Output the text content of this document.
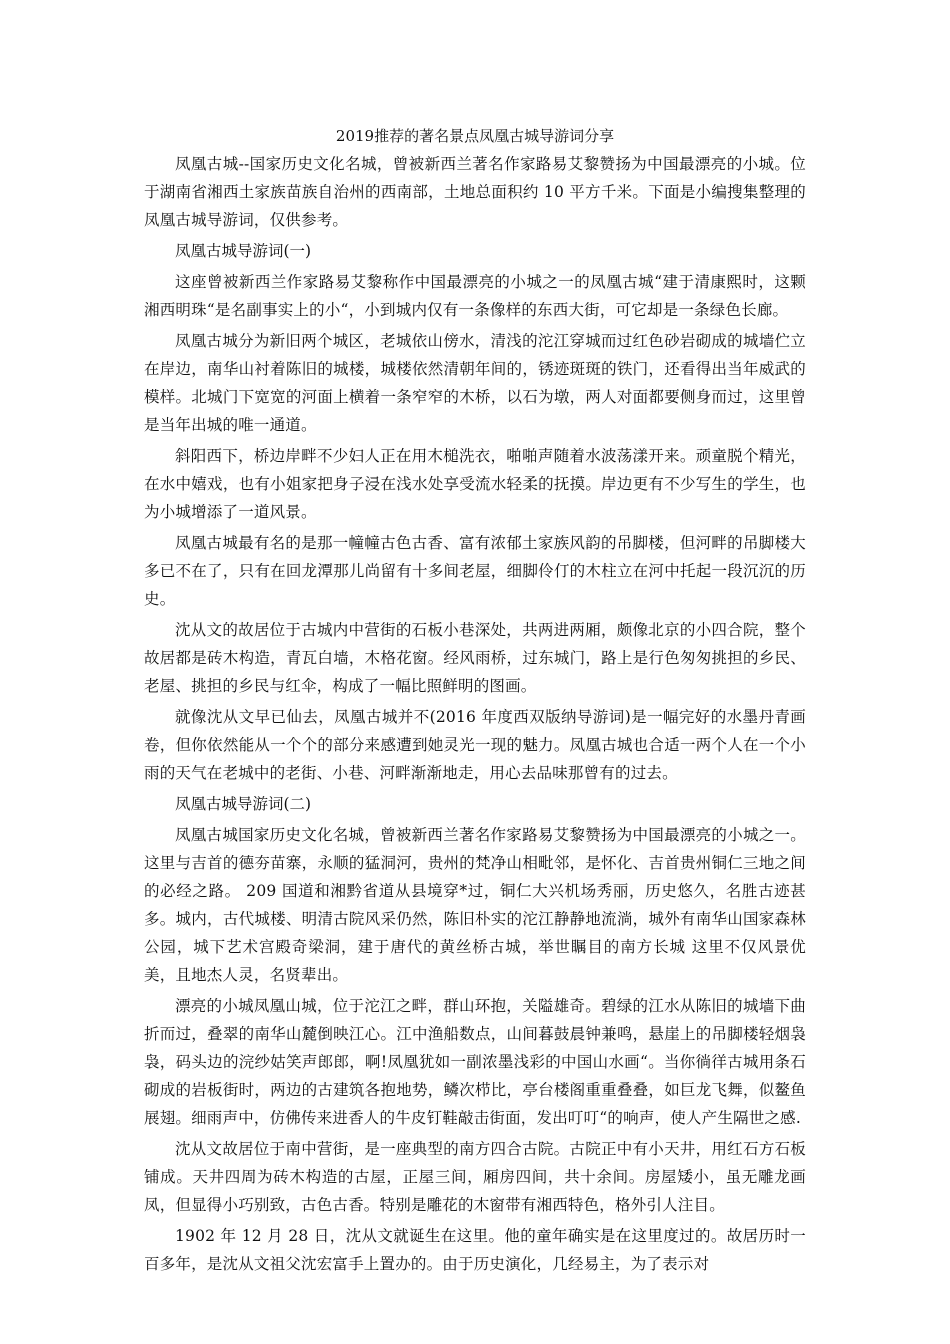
2019推荐的著名景点凤凰古城导游词分享

凤凰古城--国家历史文化名城，曾被新西兰著名作家路易艾黎赞扬为中国最漂亮的小城。位于湖南省湘西土家族苗族自治州的西南部，土地总面积约 10 平方千米。下面是小编搜集整理的凤凰古城导游词，仅供参考。

凤凰古城导游词(一)

这座曾被新西兰作家路易艾黎称作中国最漂亮的小城之一的凤凰古城“建于清康熙时，这颗湘西明珠“是名副事实上的小“，小到城内仅有一条像样的东西大街，可它却是一条绿色长廊。

凤凰古城分为新旧两个城区，老城依山傍水，清浅的沱江穿城而过红色砂岩砌成的城墙伫立在岸边，南华山衬着陈旧的城楼，城楼依然清朝年间的，锈迹斑斑的铁门，还看得出当年威武的模样。北城门下宽宽的河面上横着一条窄窄的木桥，以石为墩，两人对面都要侧身而过，这里曾是当年出城的唯一通道。

斜阳西下，桥边岸畔不少妇人正在用木槌洗衣，啪啪声随着水波荡漾开来。顽童脱个精光，在水中嬉戏，也有小姐家把身子浸在浅水处享受流水轻柔的抚摸。岸边更有不少写生的学生，也为小城增添了一道风景。

凤凰古城最有名的是那一幢幢古色古香、富有浓郁土家族风韵的吊脚楼，但河畔的吊脚楼大多已不在了，只有在回龙潭那儿尚留有十多间老屋，细脚伶仃的木柱立在河中托起一段沉沉的历史。

沈从文的故居位于古城内中营街的石板小巷深处，共两进两厢，颇像北京的小四合院，整个故居都是砖木构造，青瓦白墙，木格花窗。经风雨桥，过东城门，路上是行色匆匆挑担的乡民、老屋、挑担的乡民与红伞，构成了一幅比照鲜明的图画。

就像沈从文早已仙去，凤凰古城并不(2016 年度西双版纳导游词)是一幅完好的水墨丹青画卷，但你依然能从一个个的部分来感遭到她灵光一现的魅力。凤凰古城也合适一两个人在一个小雨的天气在老城中的老街、小巷、河畔渐渐地走，用心去品味那曾有的过去。

凤凰古城导游词(二)

凤凰古城国家历史文化名城，曾被新西兰著名作家路易艾黎赞扬为中国最漂亮的小城之一。这里与吉首的德夯苗寨，永顺的猛洞河，贵州的梵净山相毗邻，是怀化、吉首贵州铜仁三地之间的必经之路。 209 国道和湘黔省道从县境穿*过，铜仁大兴机场秀丽，历史悠久，名胜古迹甚多。城内，古代城楼、明清古院风采仍然，陈旧朴实的沱江静静地流淌，城外有南华山国家森林公园，城下艺术宫殿奇梁洞，建于唐代的黄丝桥古城，举世瞩目的南方长城 这里不仅风景优美，且地杰人灵，名贤辈出。

漂亮的小城凤凰山城，位于沱江之畔，群山环抱，关隘雄奇。碧绿的江水从陈旧的城墙下曲折而过，叠翠的南华山麓倒映江心。江中渔船数点，山间暮鼓晨钟兼鸣，悬崖上的吊脚楼轻烟袅袅，码头边的浣纱姑笑声郎郎，啊!凤凰犹如一副浓墨浅彩的中国山水画“。当你徜徉古城用条石砌成的岩板街时，两边的古建筑各抱地势，鳞次栉比，亭台楼阁重重叠叠，如巨龙飞舞，似鳌鱼展翅。细雨声中，仿佛传来进香人的牛皮钉鞋敲击街面，发出叮叮“的响声，使人产生隔世之感.

沈从文故居位于南中营街，是一座典型的南方四合古院。古院正中有小天井，用红石方石板铺成。天井四周为砖木构造的古屋，正屋三间，厢房四间，共十余间。房屋矮小，虽无雕龙画凤，但显得小巧别致，古色古香。特别是雕花的木窗带有湘西特色，格外引人注目。

1902 年 12 月 28 日，沈从文就诞生在这里。他的童年确实是在这里度过的。故居历时一百多年，是沈从文祖父沈宏富手上置办的。由于历史演化，几经易主，为了表示对
